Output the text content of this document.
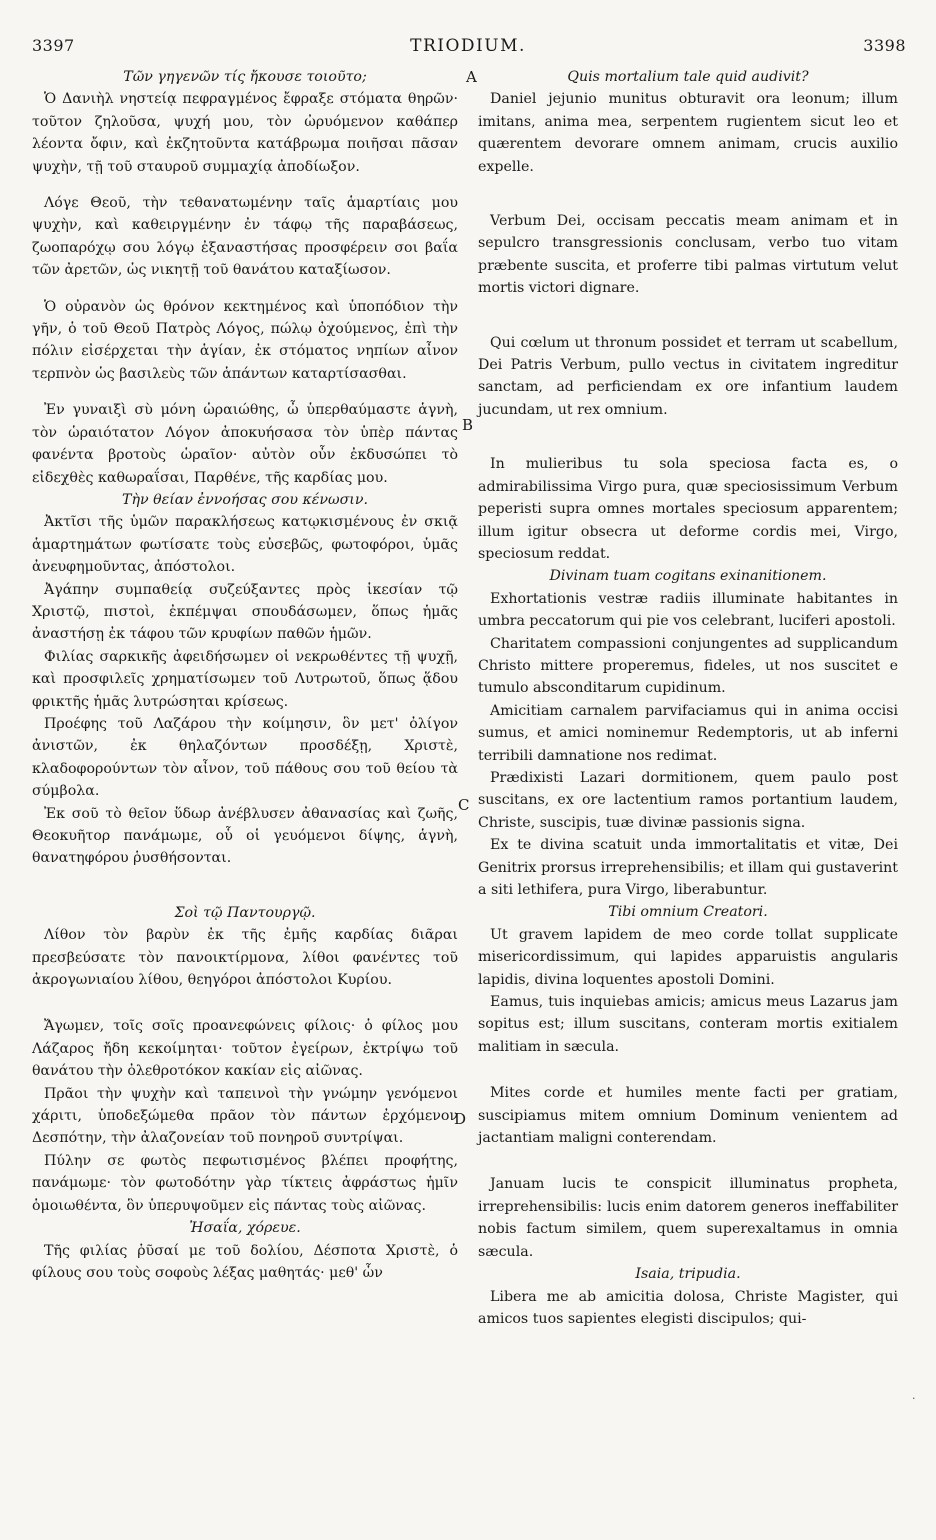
3397	TRIODIUM.	3398
A
B
C
D
·

Τῶν γηγενῶν τίς ἤκουσε τοιοῦτο;

Ὁ Δανιὴλ νηστείᾳ πεφραγμένος ἔφραξε στόματα θηρῶν· τοῦτον ζηλοῦσα, ψυχή μου, τὸν ὠρυόμενον καθάπερ λέοντα ὄφιν, καὶ ἐκζητοῦντα κατάβρωμα ποιῆσαι πᾶσαν ψυχὴν, τῇ τοῦ σταυροῦ συμμαχίᾳ ἀποδίωξον.

Λόγε Θεοῦ, τὴν τεθανατωμένην ταῖς ἁμαρτίαις μου ψυχὴν, καὶ καθειργμένην ἐν τάφῳ τῆς παραβάσεως, ζωοπαρόχῳ σου λόγῳ ἐξαναστήσας προσφέρειν σοι βαΐα τῶν ἀρετῶν, ὡς νικητῇ τοῦ θανάτου καταξίωσον.

Ὁ οὐρανὸν ὡς θρόνον κεκτημένος καὶ ὑποπόδιον τὴν γῆν, ὁ τοῦ Θεοῦ Πατρὸς Λόγος, πώλῳ ὀχούμενος, ἐπὶ τὴν πόλιν εἰσέρχεται τὴν ἁγίαν, ἐκ στόματος νηπίων αἶνον τερπνὸν ὡς βασιλεὺς τῶν ἁπάντων καταρτίσασθαι.

Ἐν γυναιξὶ σὺ μόνη ὡραιώθης, ὦ ὑπερθαύμαστε ἁγνὴ, τὸν ὡραιότατον Λόγον ἀποκυήσασα τὸν ὑπὲρ πάντας φανέντα βροτοὺς ὡραῖον· αὐτὸν οὖν ἐκδυσώπει τὸ εἰδεχθὲς καθωραΐσαι, Παρθένε, τῆς καρδίας μου.

Τὴν θείαν ἐννοήσας σου κένωσιν.

Ἀκτῖσι τῆς ὑμῶν παρακλήσεως κατῳκισμένους ἐν σκιᾷ ἁμαρτημάτων φωτίσατε τοὺς εὐσεβῶς, φωτοφόροι, ὑμᾶς ἀνευφημοῦντας, ἀπόστολοι.

Ἀγάπην συμπαθείᾳ συζεύξαντες πρὸς ἱκεσίαν τῷ Χριστῷ, πιστοὶ, ἐκπέμψαι σπουδάσωμεν, ὅπως ἡμᾶς ἀναστήσῃ ἐκ τάφου τῶν κρυφίων παθῶν ἡμῶν.

Φιλίας σαρκικῆς ἀφειδήσωμεν οἱ νεκρωθέντες τῇ ψυχῇ, καὶ προσφιλεῖς χρηματίσωμεν τοῦ Λυτρωτοῦ, ὅπως ᾅδου φρικτῆς ἡμᾶς λυτρώσηται κρίσεως.

Προέφης τοῦ Λαζάρου τὴν κοίμησιν, ὃν μετ' ὀλίγον ἀνιστῶν, ἐκ θηλαζόντων προσδέξῃ, Χριστὲ, κλαδοφορούντων τὸν αἶνον, τοῦ πάθους σου τοῦ θείου τὰ σύμβολα.

Ἐκ σοῦ τὸ θεῖον ὕδωρ ἀνέβλυσεν ἀθανασίας καὶ ζωῆς, Θεοκυῆτορ πανάμωμε, οὗ οἱ γευόμενοι δίψης, ἁγνὴ, θανατηφόρου ῥυσθήσονται.

Σοὶ τῷ Παντουργῷ.

Λίθον τὸν βαρὺν ἐκ τῆς ἐμῆς καρδίας διᾶραι πρεσβεύσατε τὸν πανοικτίρμονα, λίθοι φανέντες τοῦ ἀκρογωνιαίου λίθου, θεηγόροι ἀπόστολοι Κυρίου.

Ἄγωμεν, τοῖς σοῖς προανεφώνεις φίλοις· ὁ φίλος μου Λάζαρος ἤδη κεκοίμηται· τοῦτον ἐγείρων, ἐκτρίψω τοῦ θανάτου τὴν ὀλεθροτόκον κακίαν εἰς αἰῶνας.

Πρᾶοι τὴν ψυχὴν καὶ ταπεινοὶ τὴν γνώμην γενόμενοι χάριτι, ὑποδεξώμεθα πρᾶον τὸν πάντων ἐρχόμενον Δεσπότην, τὴν ἀλαζονείαν τοῦ πονηροῦ συντρίψαι.

Πύλην σε φωτὸς πεφωτισμένος βλέπει προφήτης, πανάμωμε· τὸν φωτοδότην γὰρ τίκτεις ἀφράστως ἡμῖν ὁμοιωθέντα, ὃν ὑπερυψοῦμεν εἰς πάντας τοὺς αἰῶνας.

Ἠσαΐα, χόρευε.

Τῆς φιλίας ῥῦσαί με τοῦ δολίου, Δέσποτα Χριστὲ, ὁ φίλους σου τοὺς σοφοὺς λέξας μαθητάς· μεθ' ὧν

Quis mortalium tale quid audivit?

Daniel jejunio munitus obturavit ora leonum; illum imitans, anima mea, serpentem rugientem sicut leo et quærentem devorare omnem animam, crucis auxilio expelle.

Verbum Dei, occisam peccatis meam animam et in sepulcro transgressionis conclusam, verbo tuo vitam præbente suscita, et proferre tibi palmas virtutum velut mortis victori dignare.

Qui cœlum ut thronum possidet et terram ut scabellum, Dei Patris Verbum, pullo vectus in civitatem ingreditur sanctam, ad perficiendam ex ore infantium laudem jucundam, ut rex omnium.

In mulieribus tu sola speciosa facta es, o admirabilissima Virgo pura, quæ speciosissimum Verbum peperisti supra omnes mortales speciosum apparentem; illum igitur obsecra ut deforme cordis mei, Virgo, speciosum reddat.

Divinam tuam cogitans exinanitionem.

Exhortationis vestræ radiis illuminate habitantes in umbra peccatorum qui pie vos celebrant, luciferi apostoli.

Charitatem compassioni conjungentes ad supplicandum Christo mittere properemus, fideles, ut nos suscitet e tumulo absconditarum cupidinum.

Amicitiam carnalem parvifaciamus qui in anima occisi sumus, et amici nominemur Redemptoris, ut ab inferni terribili damnatione nos redimat.

Prædixisti Lazari dormitionem, quem paulo post suscitans, ex ore lactentium ramos portantium laudem, Christe, suscipis, tuæ divinæ passionis signa.

Ex te divina scatuit unda immortalitatis et vitæ, Dei Genitrix prorsus irreprehensibilis; et illam qui gustaverint a siti lethifera, pura Virgo, liberabuntur.

Tibi omnium Creatori.

Ut gravem lapidem de meo corde tollat supplicate misericordissimum, qui lapides apparuistis angularis lapidis, divina loquentes apostoli Domini.

Eamus, tuis inquiebas amicis; amicus meus Lazarus jam sopitus est; illum suscitans, conteram mortis exitialem malitiam in sæcula.

Mites corde et humiles mente facti per gratiam, suscipiamus mitem omnium Dominum venientem ad jactantiam maligni conterendam.

Januam lucis te conspicit illuminatus propheta, irreprehensibilis: lucis enim datorem generos ineffabiliter nobis factum similem, quem superexaltamus in omnia sæcula.

Isaia, tripudia.

Libera me ab amicitia dolosa, Christe Magister, qui amicos tuos sapientes elegisti discipulos; qui-
